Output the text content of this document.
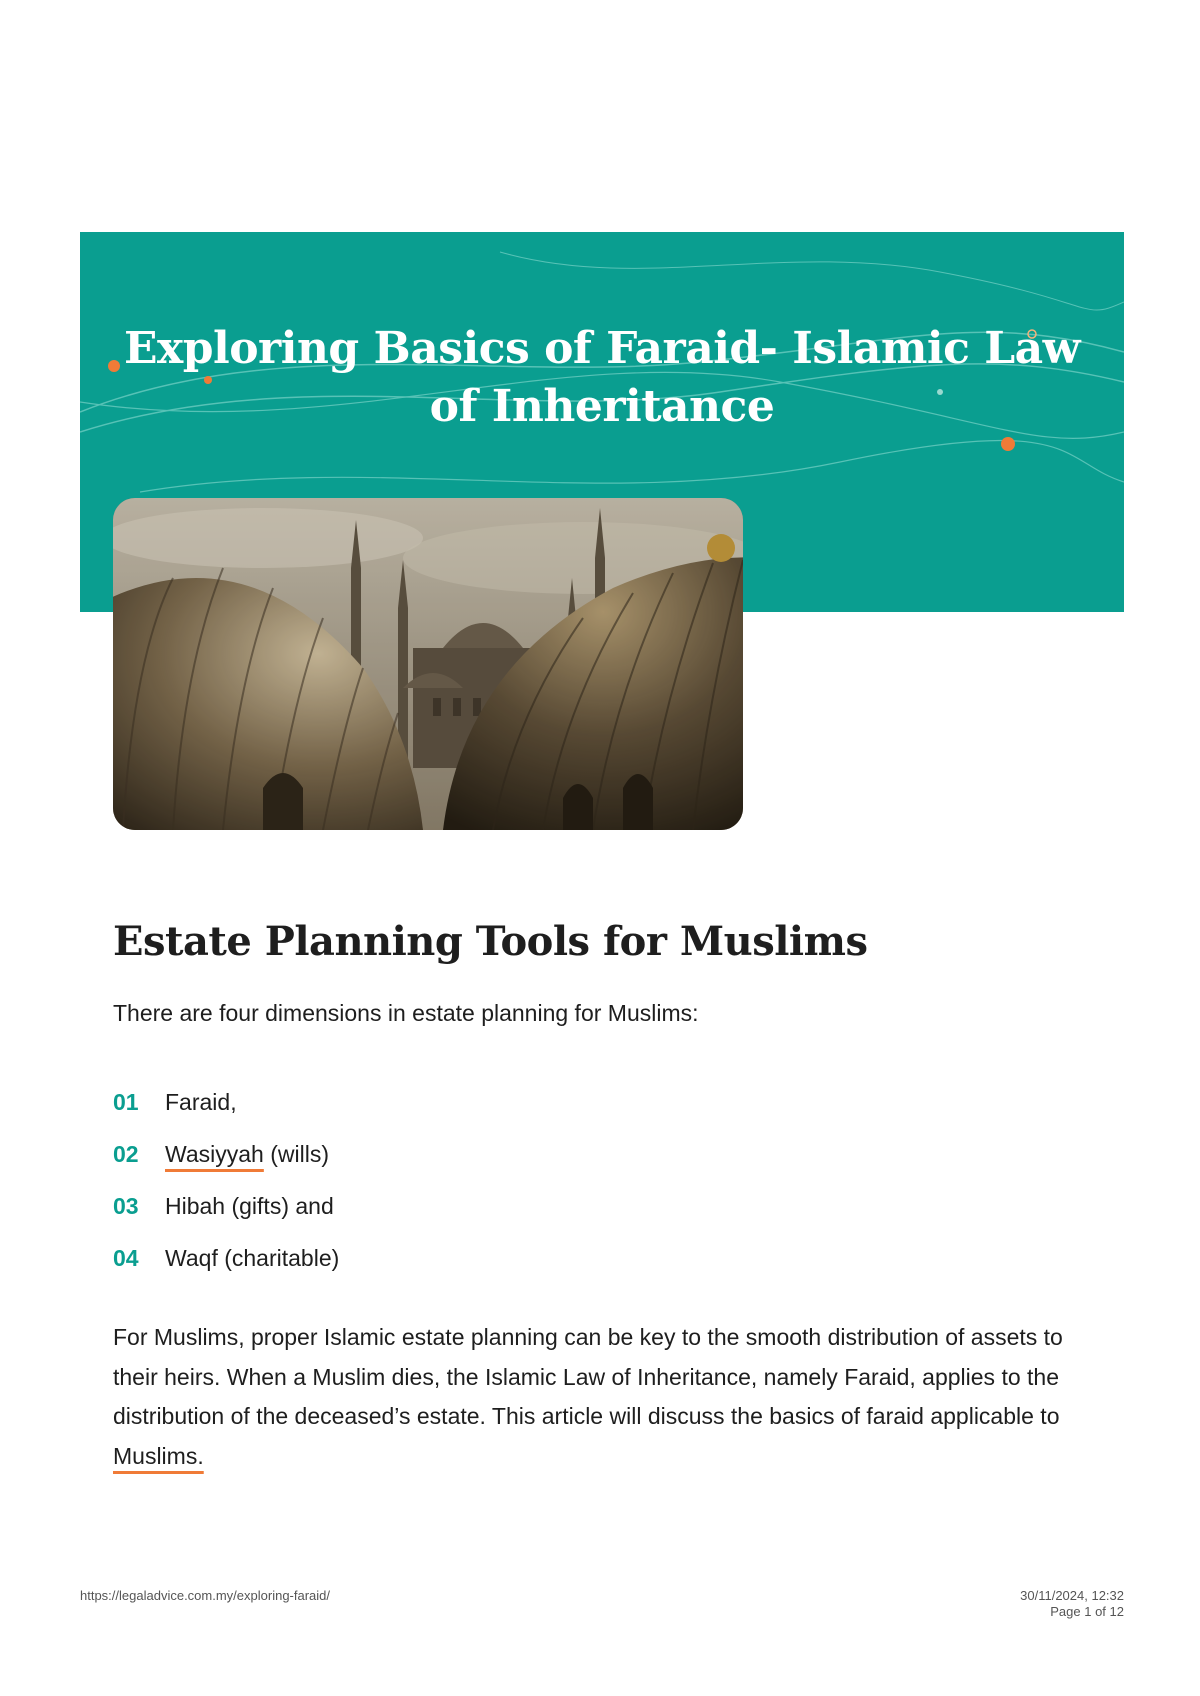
Exploring Basics of Faraid- Islamic Law
of Inheritance
Estate Planning Tools for Muslims

There are four dimensions in estate planning for Muslims:

01	Faraid,
02	Wasiyyah (wills)
03	Hibah (gifts) and
04	Waqf (charitable)

For Muslims, proper Islamic estate planning can be key to the smooth distribution of assets to their heirs. When a Muslim dies, the Islamic Law of Inheritance, namely Faraid, applies to the distribution of the deceased’s estate. This article will discuss the basics of faraid applicable to Muslims.

https://legaladvice.com.my/exploring-faraid/	30/11/2024, 12:32
Page 1 of 12
